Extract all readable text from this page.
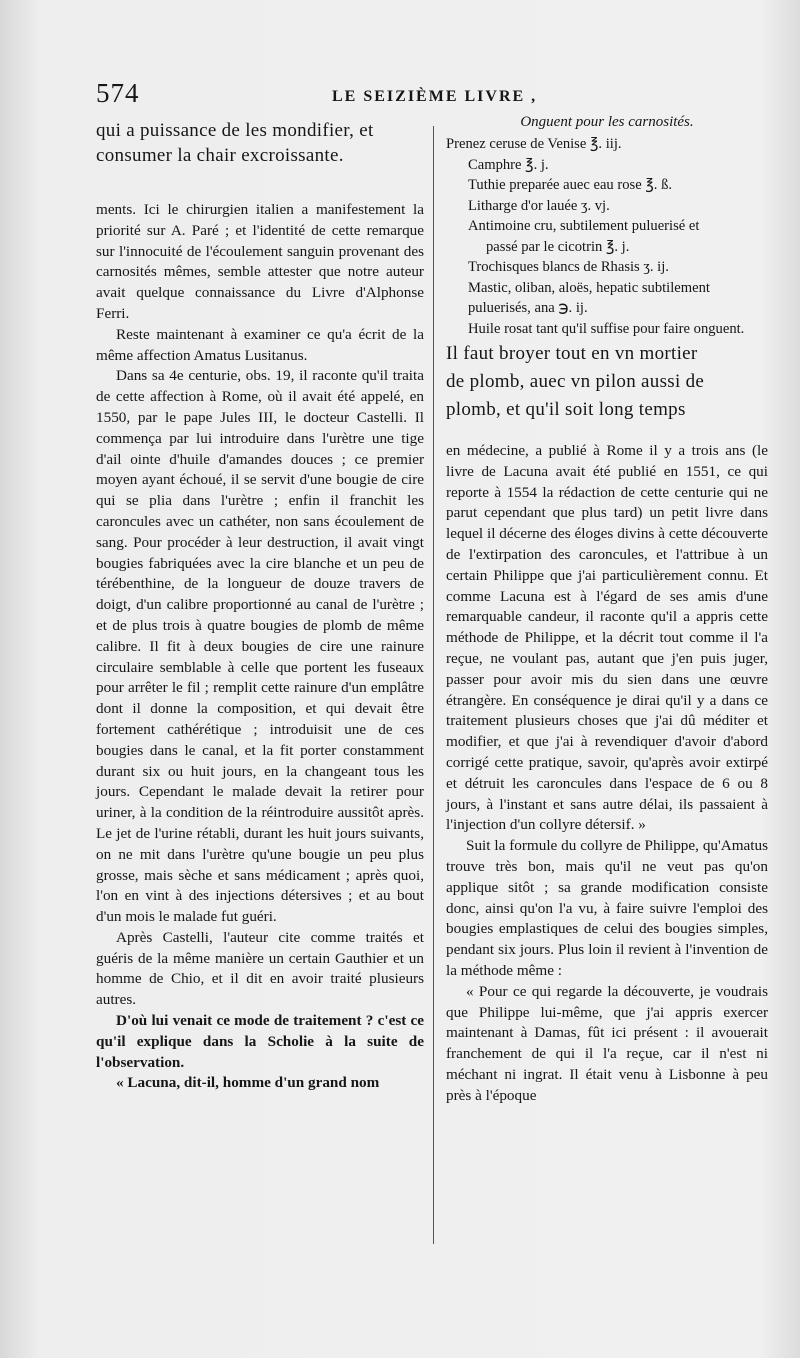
574	LE SEIZIÈME LIVRE ,

qui a puissance de les mondifier, et

consumer la chair excroissante.

ments. Ici le chirurgien italien a manifestement la priorité sur A. Paré ; et l'identité de cette remarque sur l'innocuité de l'écoulement sanguin provenant des carnosités mêmes, semble attester que notre auteur avait quelque connaissance du Livre d'Alphonse Ferri.

Reste maintenant à examiner ce qu'a écrit de la même affection Amatus Lusitanus.

Dans sa 4e centurie, obs. 19, il raconte qu'il traita de cette affection à Rome, où il avait été appelé, en 1550, par le pape Jules III, le docteur Castelli. Il commença par lui introduire dans l'urètre une tige d'ail ointe d'huile d'amandes douces ; ce premier moyen ayant échoué, il se servit d'une bougie de cire qui se plia dans l'urètre ; enfin il franchit les caroncules avec un cathéter, non sans écoulement de sang. Pour procéder à leur destruction, il avait vingt bougies fabriquées avec la cire blanche et un peu de térébenthine, de la longueur de douze travers de doigt, d'un calibre proportionné au canal de l'urètre ; et de plus trois à quatre bougies de plomb de même calibre. Il fit à deux bougies de cire une rainure circulaire semblable à celle que portent les fuseaux pour arrêter le fil ; remplit cette rainure d'un emplâtre dont il donne la composition, et qui devait être fortement cathérétique ; introduisit une de ces bougies dans le canal, et la fit porter constamment durant six ou huit jours, en la changeant tous les jours. Cependant le malade devait la retirer pour uriner, à la condition de la réintroduire aussitôt après. Le jet de l'urine rétabli, durant les huit jours suivants, on ne mit dans l'urètre qu'une bougie un peu plus grosse, mais sèche et sans médicament ; après quoi, l'on en vint à des injections détersives ; et au bout d'un mois le malade fut guéri.

Après Castelli, l'auteur cite comme traités et guéris de la même manière un certain Gauthier et un homme de Chio, et il dit en avoir traité plusieurs autres.

D'où lui venait ce mode de traitement ? c'est ce qu'il explique dans la Scholie à la suite de l'observation.

« Lacuna, dit-il, homme d'un grand nom

Onguent pour les carnosités.

Prenez ceruse de Venise ℥. iij.

Camphre ℥. j.

Tuthie preparée auec eau rose ℥. ß.

Litharge d'or lauée ʒ. vj.

Antimoine cru, subtilement puluerisé et

passé par le cicotrin ℥. j.

Trochisques blancs de Rhasis ʒ. ij.

Mastic, oliban, aloës, hepatic subtilement puluerisés, ana ℈. ij.

Huile rosat tant qu'il suffise pour faire onguent.

Il faut broyer tout en vn mortier

de plomb, auec vn pilon aussi de

plomb, et qu'il soit long temps

en médecine, a publié à Rome il y a trois ans (le livre de Lacuna avait été publié en 1551, ce qui reporte à 1554 la rédaction de cette centurie qui ne parut cependant que plus tard) un petit livre dans lequel il décerne des éloges divins à cette découverte de l'extirpation des caroncules, et l'attribue à un certain Philippe que j'ai particulièrement connu. Et comme Lacuna est à l'égard de ses amis d'une remarquable candeur, il raconte qu'il a appris cette méthode de Philippe, et la décrit tout comme il l'a reçue, ne voulant pas, autant que j'en puis juger, passer pour avoir mis du sien dans une œuvre étrangère. En conséquence je dirai qu'il y a dans ce traitement plusieurs choses que j'ai dû méditer et modifier, et que j'ai à revendiquer d'avoir d'abord corrigé cette pratique, savoir, qu'après avoir extirpé et détruit les caroncules dans l'espace de 6 ou 8 jours, à l'instant et sans autre délai, ils passaient à l'injection d'un collyre détersif. »

Suit la formule du collyre de Philippe, qu'Amatus trouve très bon, mais qu'il ne veut pas qu'on applique sitôt ; sa grande modification consiste donc, ainsi qu'on l'a vu, à faire suivre l'emploi des bougies emplastiques de celui des bougies simples, pendant six jours. Plus loin il revient à l'invention de la méthode même :

« Pour ce qui regarde la découverte, je voudrais que Philippe lui-même, que j'ai appris exercer maintenant à Damas, fût ici présent : il avouerait franchement de qui il l'a reçue, car il n'est ni méchant ni ingrat. Il était venu à Lisbonne à peu près à l'époque
